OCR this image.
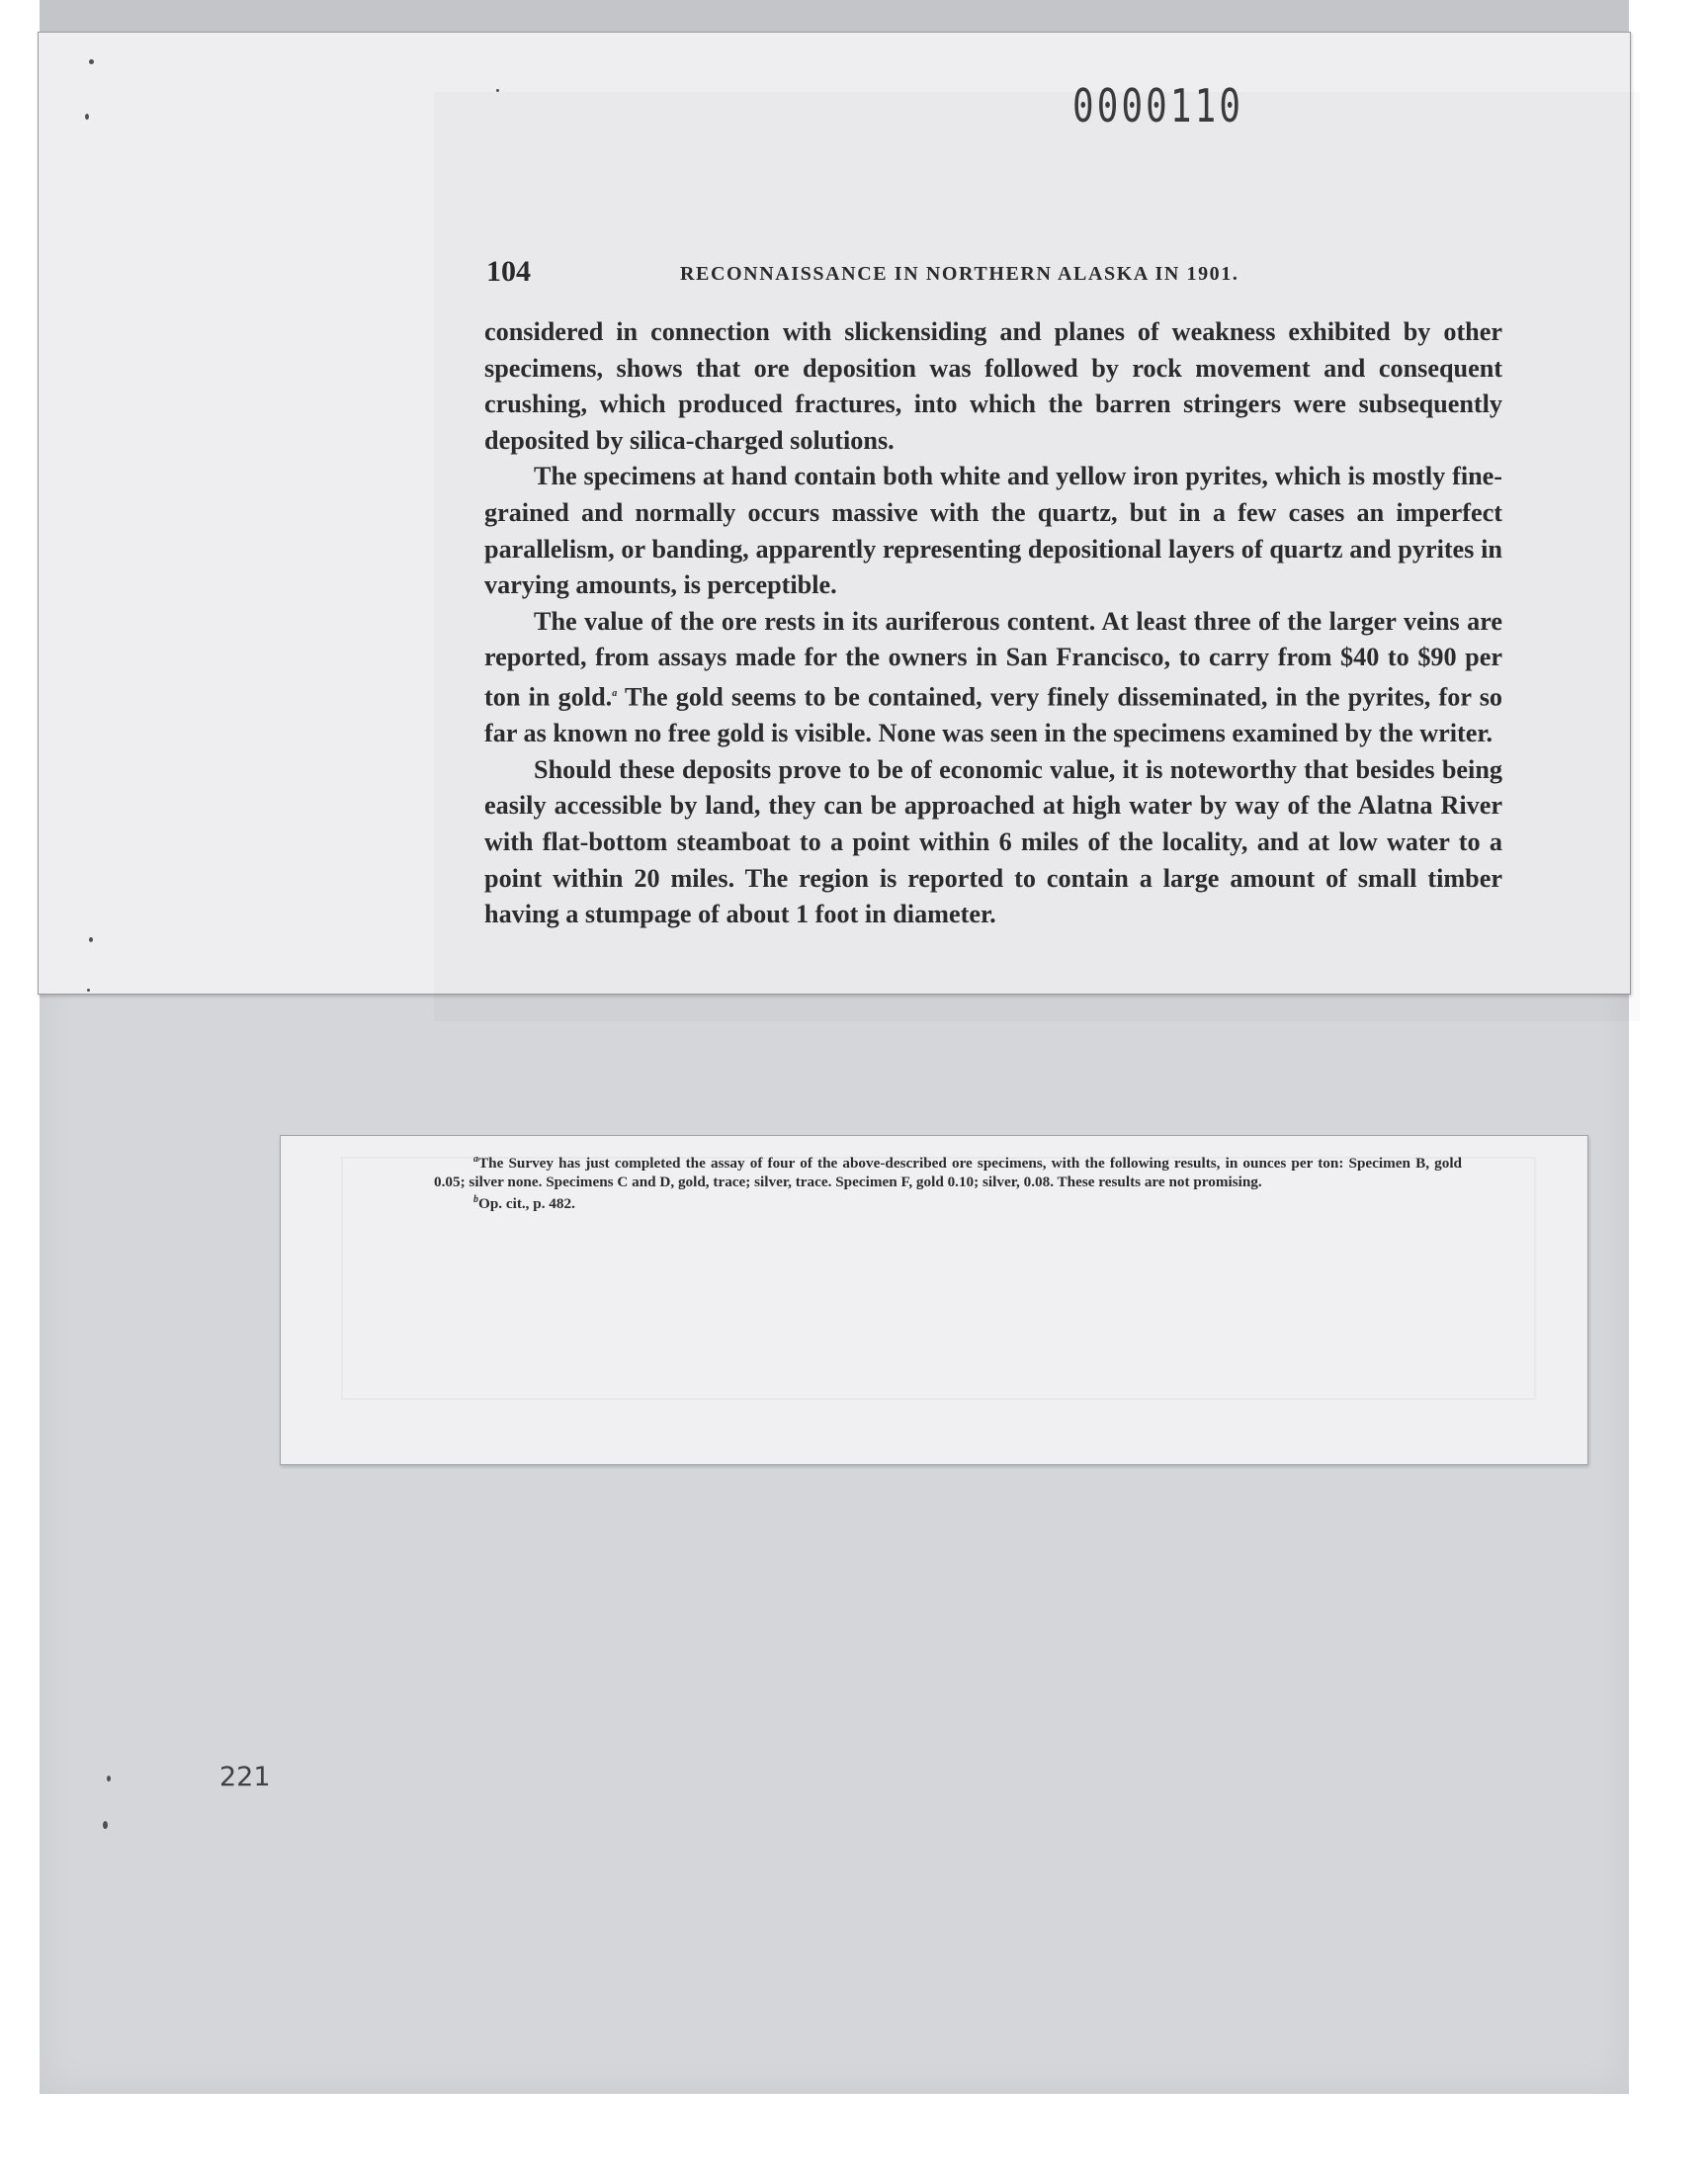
0000110
104	RECONNAISSANCE IN NORTHERN ALASKA IN 1901.

considered in connection with slickensiding and planes of weakness exhibited by other specimens, shows that ore deposition was followed by rock movement and consequent crushing, which produced fractures, into which the barren stringers were subsequently deposited by silica-charged solutions.

The specimens at hand contain both white and yellow iron pyrites, which is mostly fine-grained and normally occurs massive with the quartz, but in a few cases an imperfect parallelism, or banding, apparently representing depositional layers of quartz and pyrites in varying amounts, is perceptible.

The value of the ore rests in its auriferous content. At least three of the larger veins are reported, from assays made for the owners in San Francisco, to carry from $40 to $90 per ton in gold.$^a$ The gold seems to be contained, very finely disseminated, in the pyrites, for so far as known no free gold is visible. None was seen in the specimens examined by the writer.

Should these deposits prove to be of economic value, it is noteworthy that besides being easily accessible by land, they can be approached at high water by way of the Alatna River with flat-bottom steamboat to a point within 6 miles of the locality, and at low water to a point within 20 miles. The region is reported to contain a large amount of small timber having a stumpage of about 1 foot in diameter.

$^a$The Survey has just completed the assay of four of the above-described ore specimens, with the following results, in ounces per ton: Specimen B, gold 0.05; silver none. Specimens C and D, gold, trace; silver, trace. Specimen F, gold 0.10; silver, 0.08. These results are not promising.

$^b$Op. cit., p. 482.

221
